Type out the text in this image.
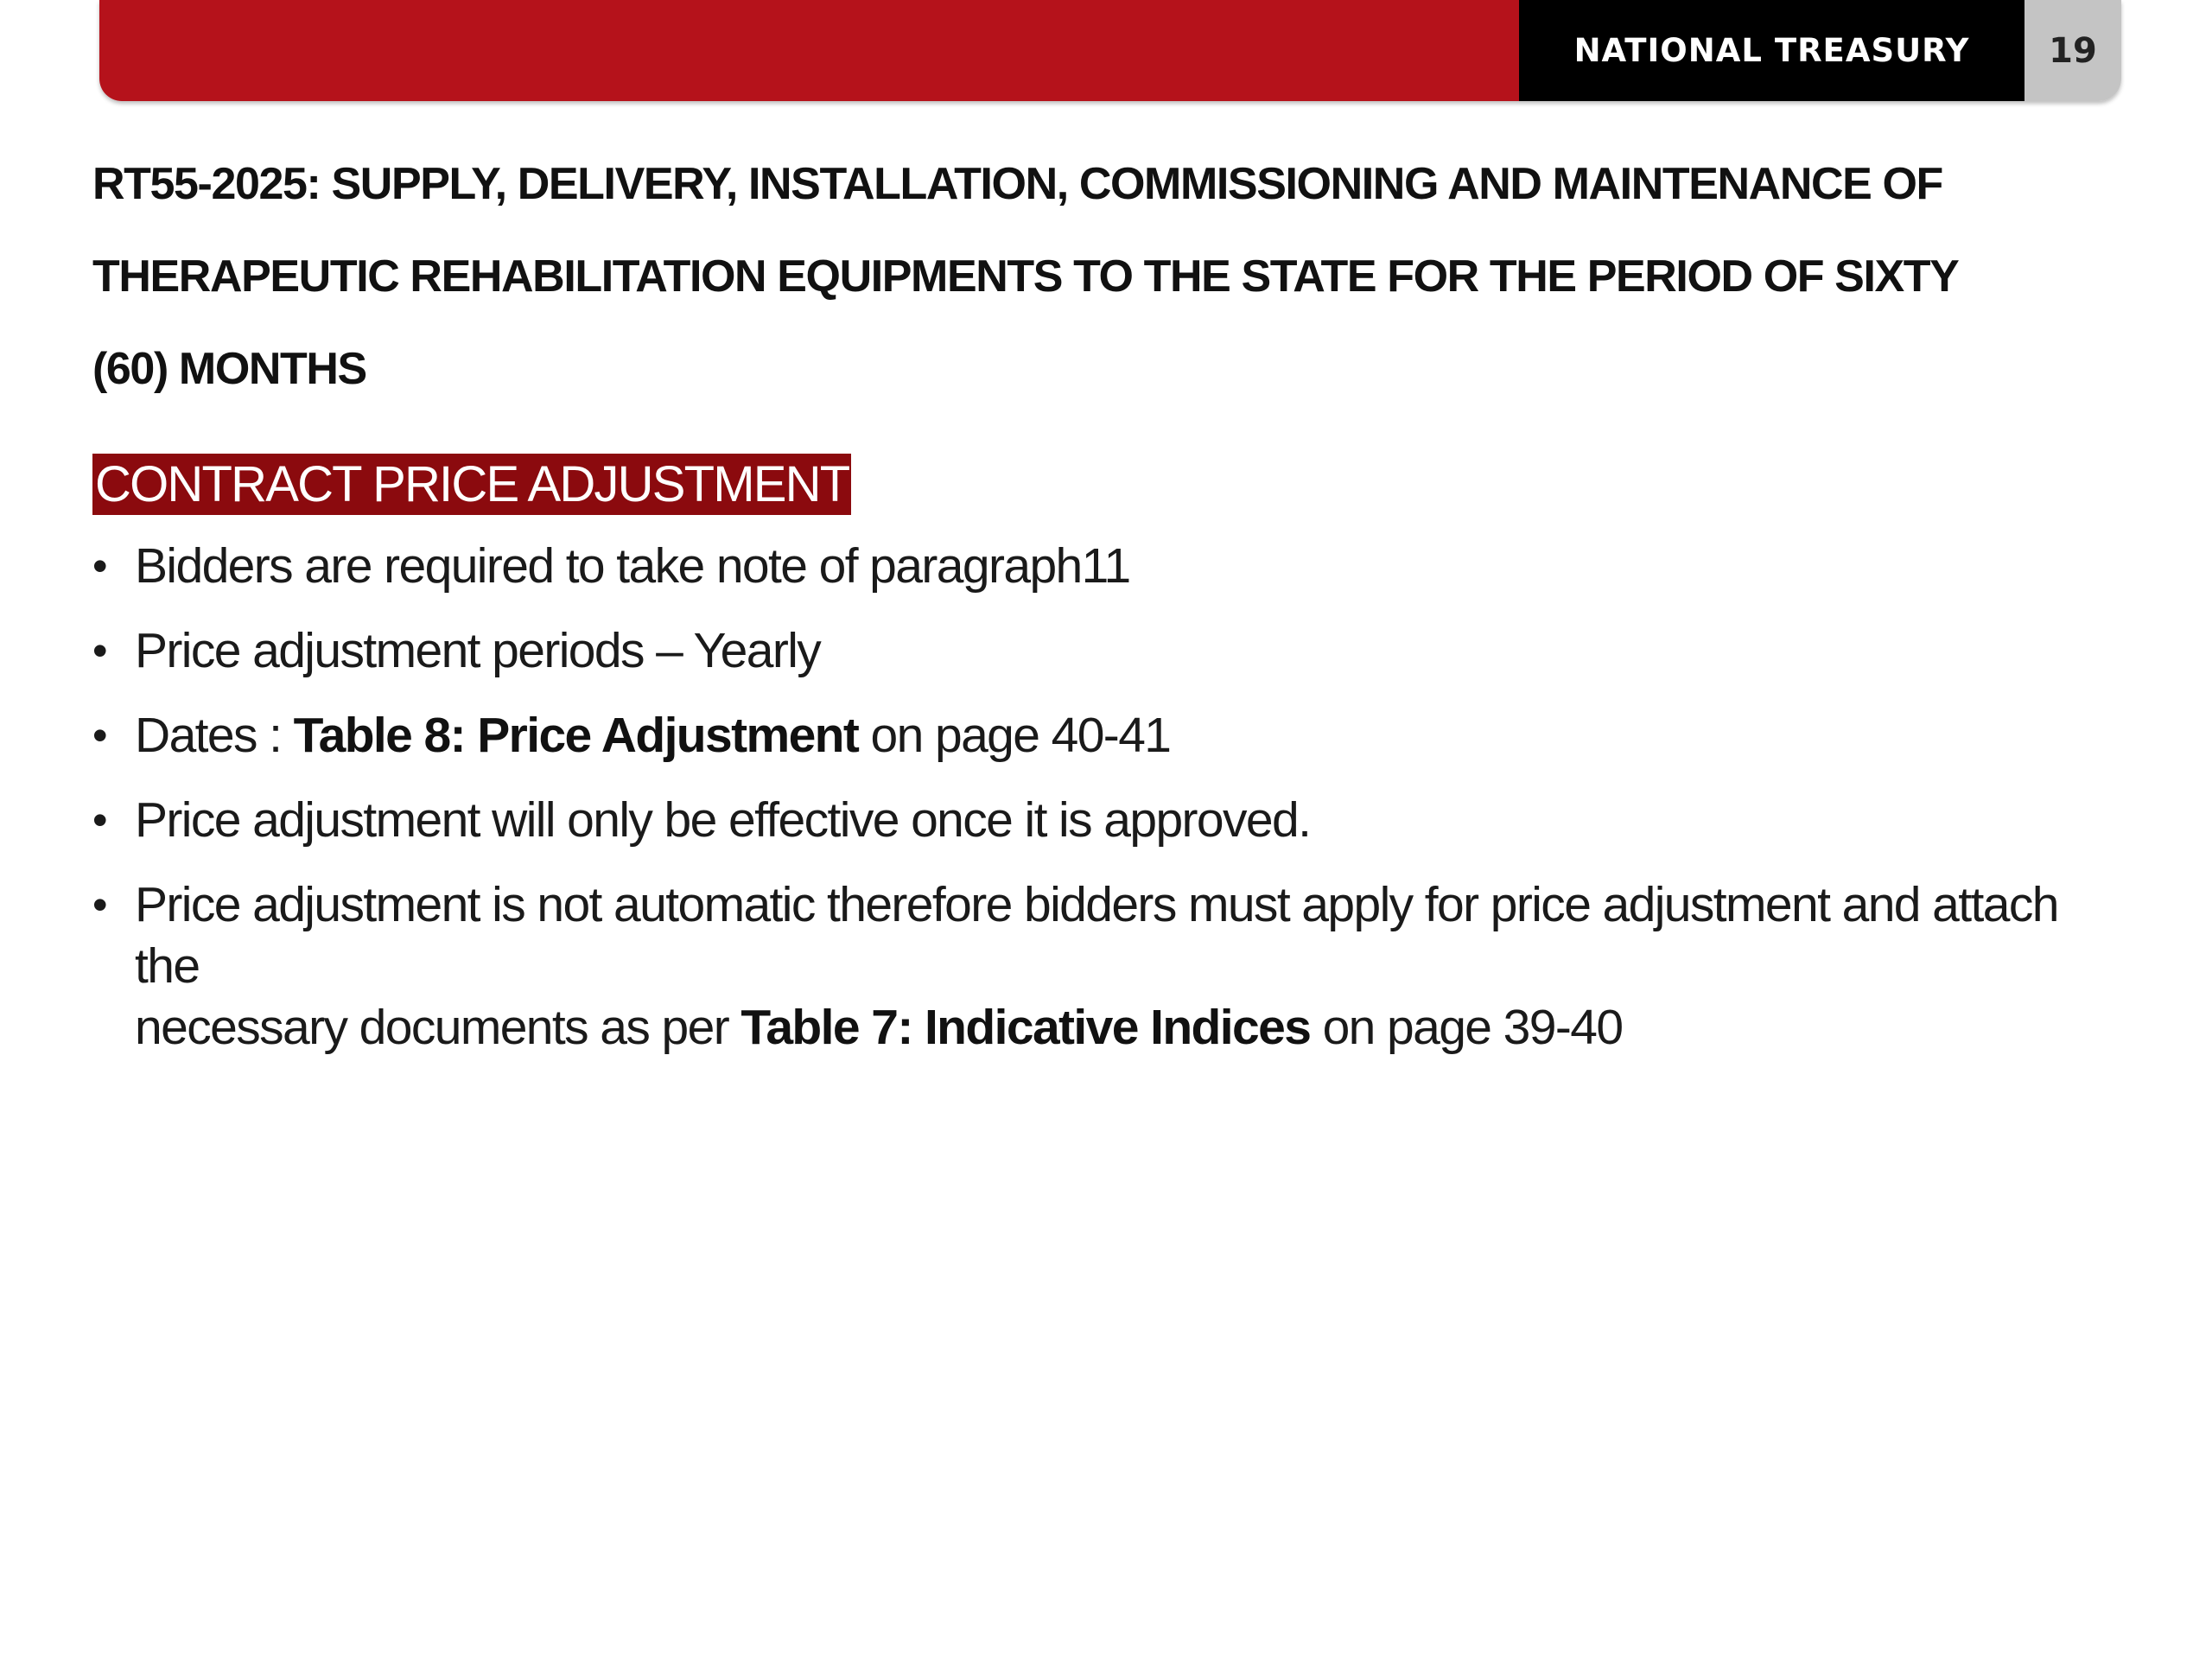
NATIONAL TREASURY	19
RT55-2025: SUPPLY, DELIVERY, INSTALLATION, COMMISSIONING AND MAINTENANCE OF
THERAPEUTIC REHABILITATION EQUIPMENTS TO THE STATE FOR THE PERIOD OF SIXTY
(60) MONTHS
CONTRACT PRICE ADJUSTMENT
• Bidders are required to take note of paragraph11
• Price adjustment periods – Yearly
• Dates : Table 8: Price Adjustment on page 40-41
• Price adjustment will only be effective once it is approved.
• Price adjustment is not automatic therefore bidders must apply for price adjustment and attach the
necessary documents as per Table 7: Indicative Indices on page 39-40
